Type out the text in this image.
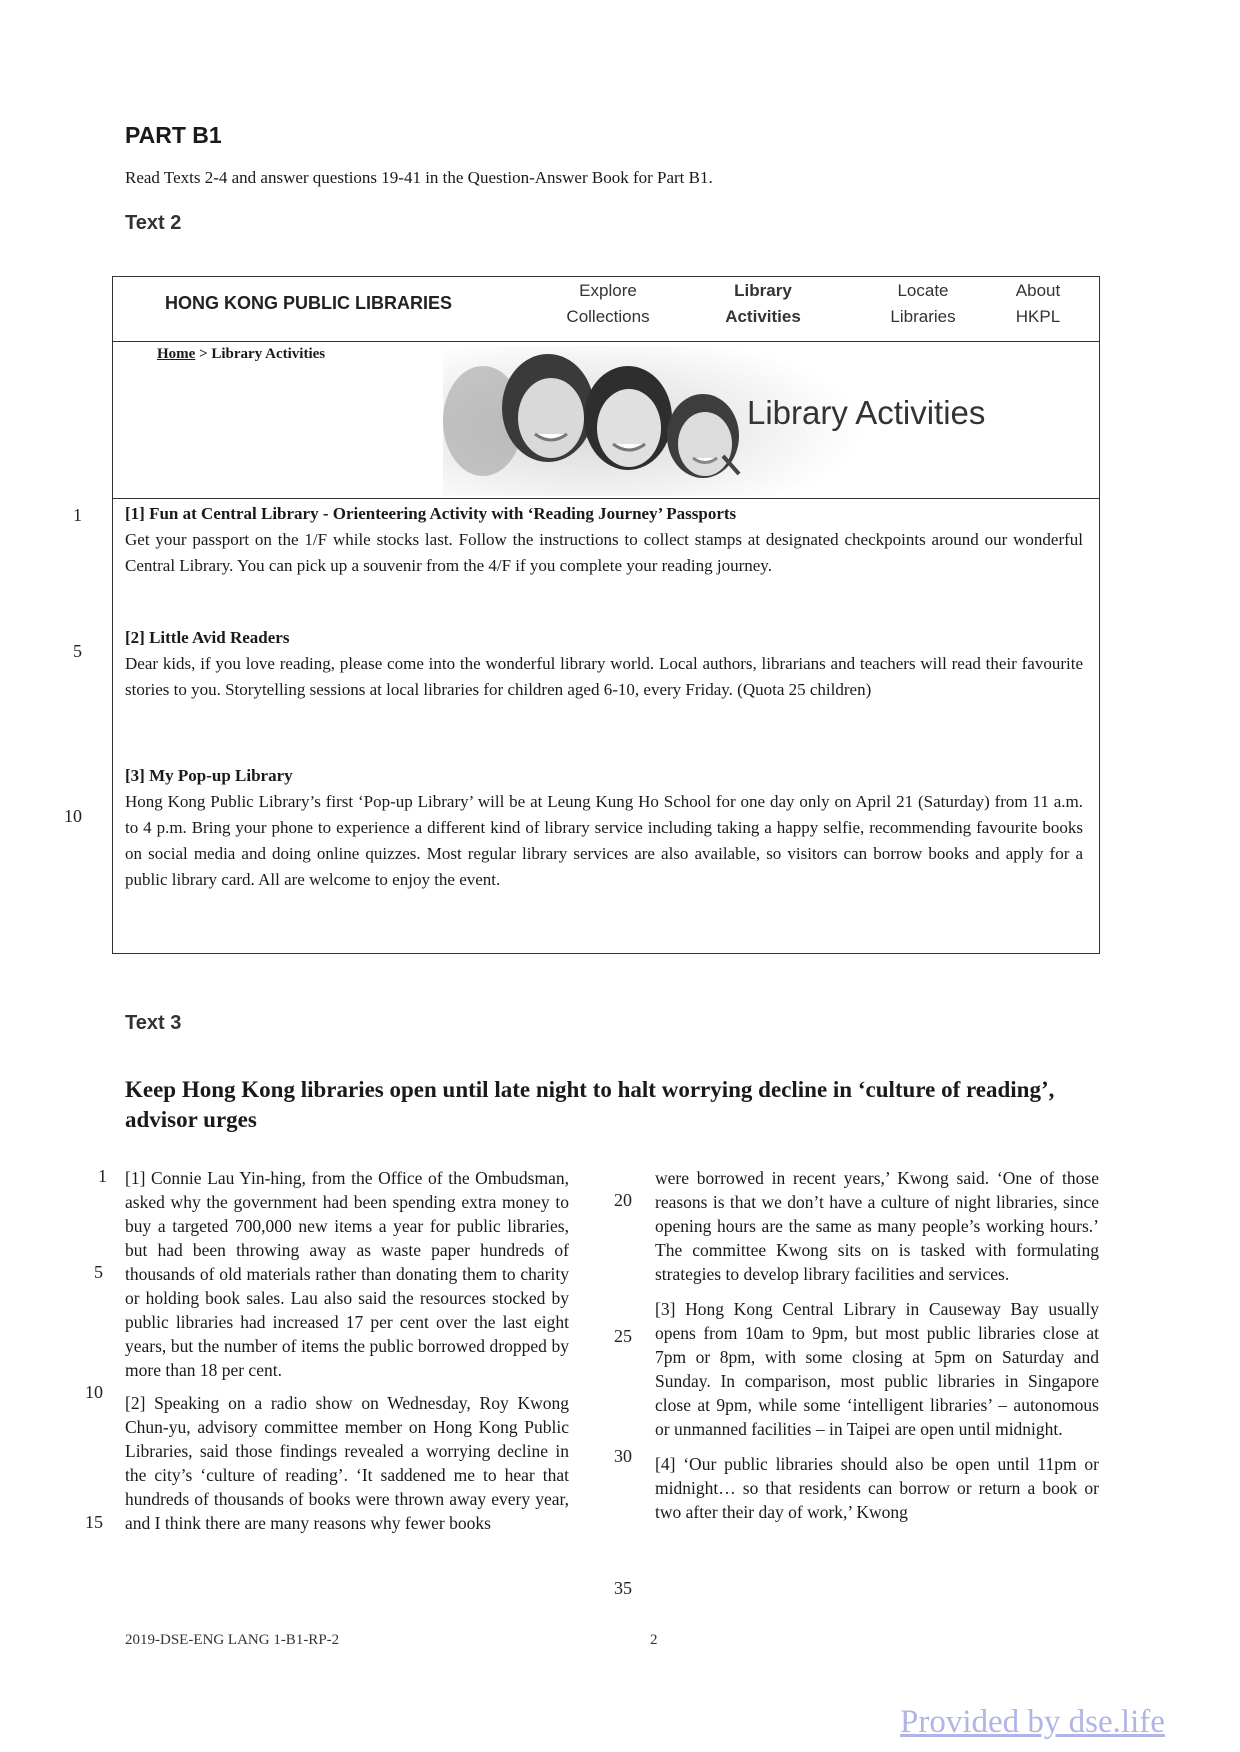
PART B1
Read Texts 2-4 and answer questions 19-41 in the Question-Answer Book for Part B1.
Text 2
HONG KONG PUBLIC LIBRARIES
Explore
Collections
Library
Activities
Locate
Libraries
About
HKPL
Home > Library Activities
Library Activities
[1] Fun at Central Library - Orienteering Activity with ‘Reading Journey’ Passports
Get your passport on the 1/F while stocks last. Follow the instructions to collect stamps at designated checkpoints around our wonderful Central Library. You can pick up a souvenir from the 4/F if you complete your reading journey.
[2] Little Avid Readers
Dear kids, if you love reading, please come into the wonderful library world. Local authors, librarians and teachers will read their favourite stories to you. Storytelling sessions at local libraries for children aged 6-10, every Friday. (Quota 25 children)
[3] My Pop-up Library
Hong Kong Public Library’s first ‘Pop-up Library’ will be at Leung Kung Ho School for one day only on April 21 (Saturday) from 11 a.m. to 4 p.m. Bring your phone to experience a different kind of library service including taking a happy selfie, recommending favourite books on social media and doing online quizzes. Most regular library services are also available, so visitors can borrow books and apply for a public library card. All are welcome to enjoy the event.
1
5
10
Text 3
Keep Hong Kong libraries open until late night to halt worrying decline in ‘culture of reading’, advisor urges

[1] Connie Lau Yin-hing, from the Office of the Ombudsman, asked why the government had been spending extra money to buy a targeted 700,000 new items a year for public libraries, but had been throwing away as waste paper hundreds of thousands of old materials rather than donating them to charity or holding book sales. Lau also said the resources stocked by public libraries had increased 17 per cent over the last eight years, but the number of items the public borrowed dropped by more than 18 per cent.

[2] Speaking on a radio show on Wednesday, Roy Kwong Chun-yu, advisory committee member on Hong Kong Public Libraries, said those findings revealed a worrying decline in the city’s ‘culture of reading’. ‘It saddened me to hear that hundreds of thousands of books were thrown away every year, and I think there are many reasons why fewer books

were borrowed in recent years,’ Kwong said. ‘One of those reasons is that we don’t have a culture of night libraries, since opening hours are the same as many people’s working hours.’ The committee Kwong sits on is tasked with formulating strategies to develop library facilities and services.

[3] Hong Kong Central Library in Causeway Bay usually opens from 10am to 9pm, but most public libraries close at 7pm or 8pm, with some closing at 5pm on Saturday and Sunday. In comparison, most public libraries in Singapore close at 9pm, while some ‘intelligent libraries’ – autonomous or unmanned facilities – in Taipei are open until midnight.

[4] ‘Our public libraries should also be open until 11pm or midnight… so that residents can borrow or return a book or two after their day of work,’ Kwong

1
5
10
15
20
25
30
35
2019-DSE-ENG LANG 1-B1-RP-2	2
Provided by dse.life
